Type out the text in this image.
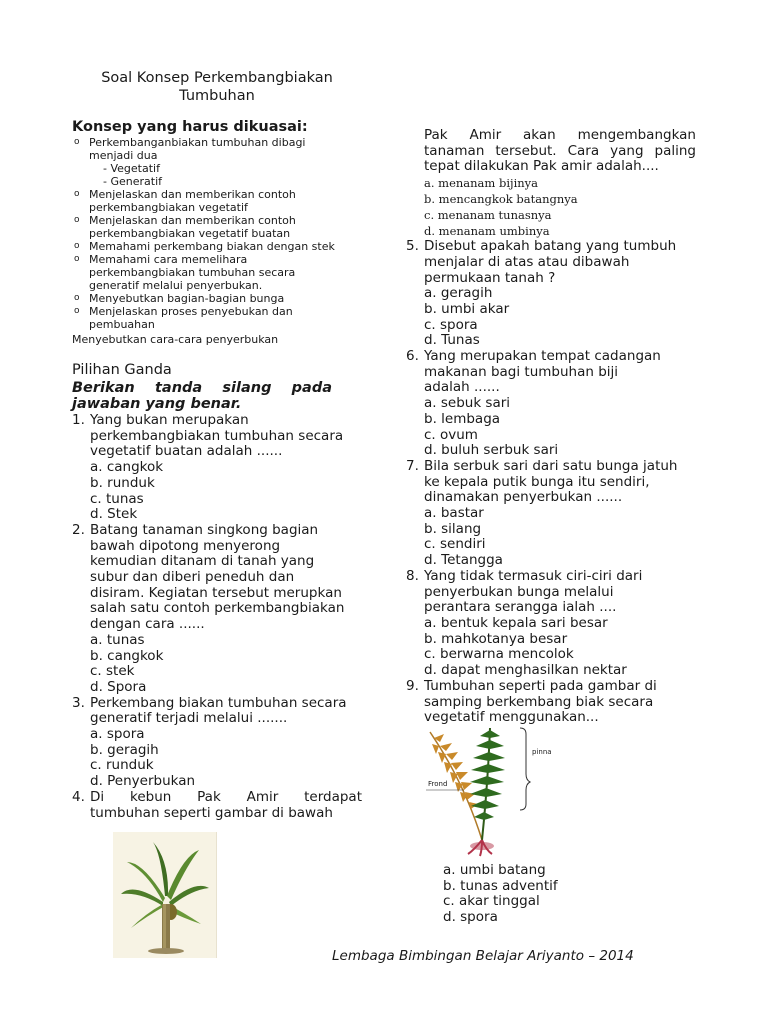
Soal Konsep Perkembangbiakan
Tumbuhan
Konsep yang harus dikuasai:
o Perkembanganbiakan tumbuhan dibagi
menjadi dua
- Vegetatif
- Generatif
o Menjelaskan dan memberikan contoh
perkembangbiakan vegetatif
o Menjelaskan dan memberikan contoh
perkembangbiakan vegetatif buatan
o Memahami perkembang biakan dengan stek
o Memahami cara memelihara
perkembangbiakan tumbuhan secara
generatif melalui penyerbukan.
o Menyebutkan bagian-bagian bunga
o Menjelaskan proses penyebukan dan
pembuahan
Menyebutkan cara-cara penyerbukan
Pilihan Ganda
Berikan tanda silang pada
jawaban yang benar.
1. Yang bukan merupakan
perkembangbiakan tumbuhan secara
vegetatif buatan adalah ......
a. cangkok
b. runduk
c. tunas
d. Stek
2. Batang tanaman singkong bagian
bawah dipotong menyerong
kemudian ditanam di tanah yang
subur dan diberi peneduh dan
disiram. Kegiatan tersebut merupkan
salah satu contoh perkembangbiakan
dengan cara ......
a. tunas
b. cangkok
c. stek
d. Spora
3. Perkembang biakan tumbuhan secara
generatif terjadi melalui .......
a. spora
b. geragih
c. runduk
d. Penyerbukan
4. Di kebun Pak Amir terdapat
tumbuhan seperti gambar di bawah
Pak Amir akan mengembangkan
tanaman tersebut. Cara yang paling
tepat dilakukan Pak amir adalah....
a. menanam bijinya
b. mencangkok batangnya
c. menanam tunasnya
d. menanam umbinya
5. Disebut apakah batang yang tumbuh
menjalar di atas atau dibawah
permukaan tanah ?
a. geragih
b. umbi akar
c. spora
d. Tunas
6. Yang merupakan tempat cadangan
makanan bagi tumbuhan biji
adalah ......
a. sebuk sari
b. lembaga
c. ovum
d. buluh serbuk sari
7. Bila serbuk sari dari satu bunga jatuh
ke kepala putik bunga itu sendiri,
dinamakan penyerbukan ......
a. bastar
b. silang
c. sendiri
d. Tetangga
8. Yang tidak termasuk ciri-ciri dari
penyerbukan bunga melalui
perantara serangga ialah ....
a. bentuk kepala sari besar
b. mahkotanya besar
c. berwarna mencolok
d. dapat menghasilkan nektar
9. Tumbuhan seperti pada gambar di
samping berkembang biak secara
vegetatif menggunakan...
pinna
Frond
a. umbi batang
b. tunas adventif
c. akar tinggal
d. spora
Lembaga Bimbingan Belajar Ariyanto – 2014
